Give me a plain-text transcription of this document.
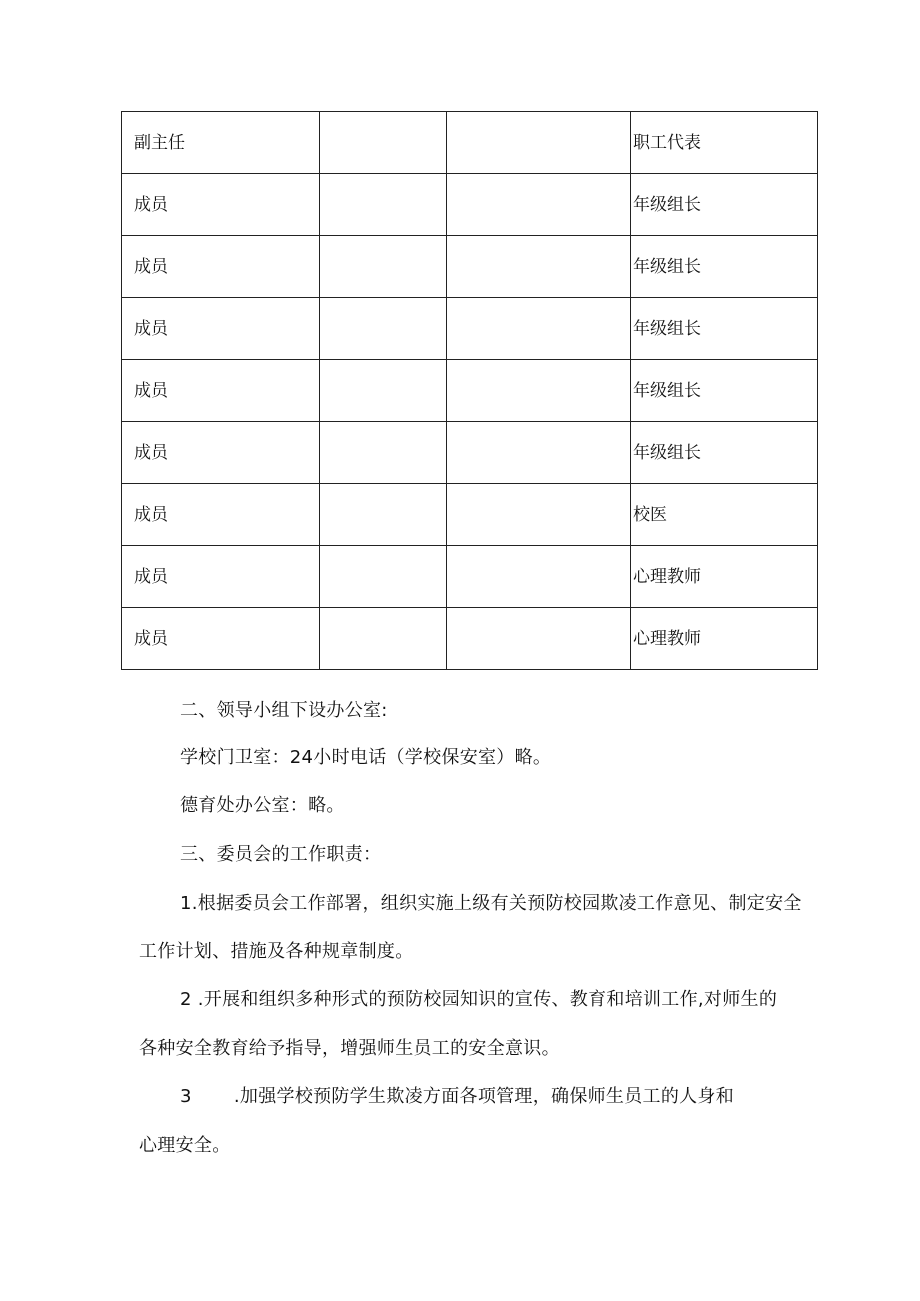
副主任			职工代表
成员			年级组长
成员			年级组长
成员			年级组长
成员			年级组长
成员			年级组长
成员			校医
成员			心理教师
成员			心理教师
二、领导小组下设办公室:
学校门卫室：24小时电话（学校保安室）略。
德育处办公室：略。
三、委员会的工作职责：
1.根据委员会工作部署，组织实施上级有关预防校园欺凌工作意见、制定安全
工作计划、措施及各种规章制度。
2 .开展和组织多种形式的预防校园知识的宣传、教育和培训工作,对师生的
各种安全教育给予指导，增强师生员工的安全意识。
3       .加强学校预防学生欺凌方面各项管理，确保师生员工的人身和
心理安全。
